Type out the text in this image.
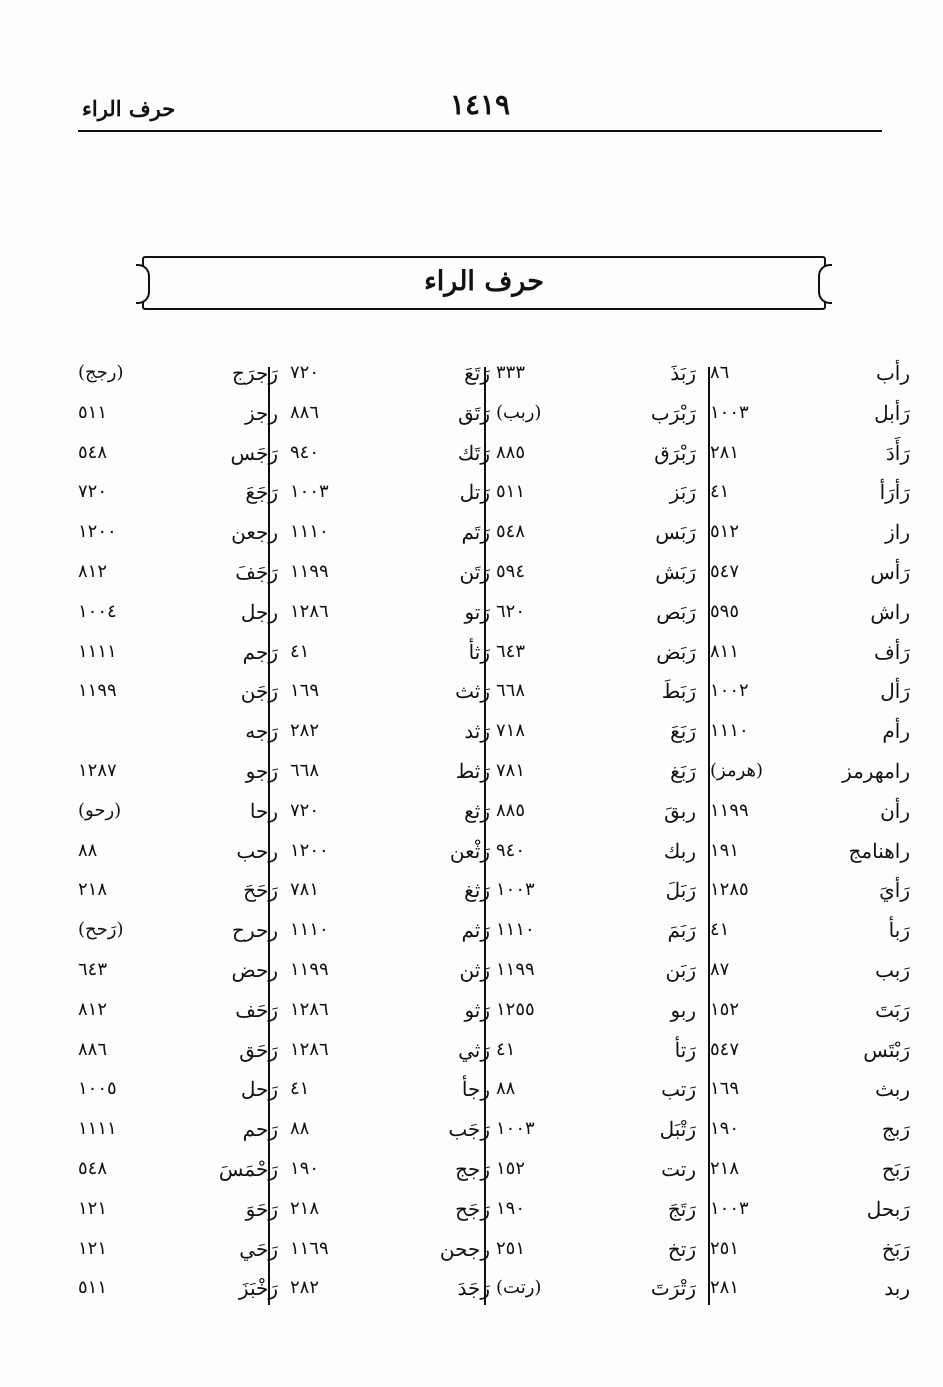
١٤١٩
حرف الراء
حرف الراء
رأب
٨٦
رَأبل
١٠٠٣
رَأَدَ
٢٨١
رَأرَأ
٤١
راز
٥١٢
رَأس
٥٤٧
راش
٥٩٥
رَأف
٨١١
رَأل
١٠٠٢
رأم
١١١٠
رامهرمز
(هرمز)
رأن
١١٩٩
راهنامج
١٩١
رَأيَ
١٢٨٥
رَبأ
٤١
رَبب
٨٧
رَبَتَ
١٥٢
رَبْتَس
٥٤٧
ربث
١٦٩
رَبج
١٩٠
رَبَح
٢١٨
رَبحل
١٠٠٣
رَبَخ
٢٥١
ربد
٢٨١
رَبَذَ
٣٣٣
رَبْرَب
(ربب)
رَبْرَق
٨٨٥
رَبَز
٥١١
رَبَس
٥٤٨
رَبَش
٥٩٤
رَبَص
٦٢٠
رَبَض
٦٤٣
رَبَطَ
٦٦٨
رَبَعَ
٧١٨
رَبَغ
٧٨١
ربقَ
٨٨٥
ربك
٩٤٠
رَبَلَ
١٠٠٣
رَبَمَ
١١١٠
رَبَن
١١٩٩
ربو
١٢٥٥
رَتأ
٤١
رَتب
٨٨
رَتْبَل
١٠٠٣
رتت
١٥٢
رَتَجَ
١٩٠
رَتخ
٢٥١
رَتْرَتَ
(رتت)
رَتَعَ
٧٢٠
رَتَق
٨٨٦
رَتَك
٩٤٠
رَتل
١٠٠٣
رَتَم
١١١٠
رَتَن
١١٩٩
رَتو
١٢٨٦
رَثأ
٤١
رَثث
١٦٩
رَثد
٢٨٢
رَثط
٦٦٨
رَثع
٧٢٠
رَثْعن
١٢٠٠
رَثغ
٧٨١
رَثم
١١١٠
رَثن
١١٩٩
رَثو
١٢٨٦
رَثي
١٢٨٦
رجأ
٤١
رَجَب
٨٨
رَجج
١٩٠
رَجَح
٢١٨
رجحن
١١٦٩
رَجَدَ
٢٨٢
رَجرَج
(رجج)
رجز
٥١١
رَجَس
٥٤٨
رَجَعَ
٧٢٠
رجعن
١٢٠٠
رَجَفَ
٨١٢
رجل
١٠٠٤
رَجم
١١١١
رَجَن
١١٩٩
رَجه
رَجو
١٢٨٧
رحا
(رحو)
رحب
٨٨
رَحَحَ
٢١٨
رحرح
(رَحح)
رحض
٦٤٣
رَحَف
٨١٢
رَحَق
٨٨٦
رَحل
١٠٠٥
رَحم
١١١١
رَحْمَسَ
٥٤٨
رَحَوَ
١٢١
رَحَي
١٢١
رَخْبَزَ
٥١١
